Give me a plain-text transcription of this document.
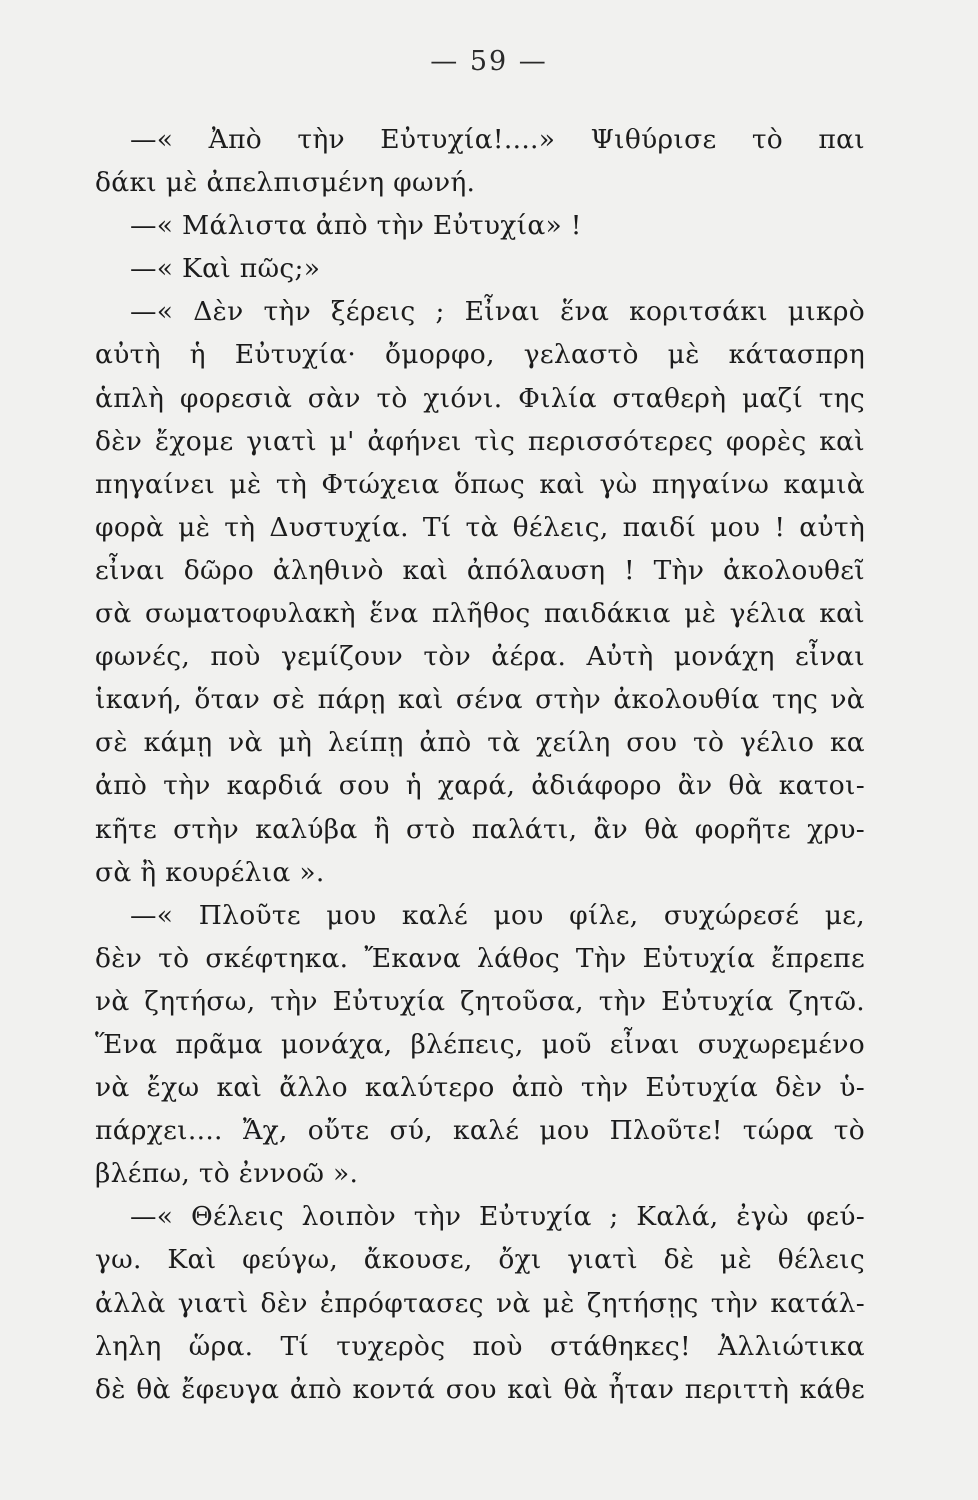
— 59 —
—« Ἀπὸ τὴν Εὐτυχία!....» Ψιθύρισε τὸ παι
δάκι μὲ ἀπελπισμένη φωνή.
—« Μάλιστα ἀπὸ τὴν Εὐτυχία» !
—« Καὶ πῶς;»
—« Δὲν τὴν ξέρεις ; Εἶναι ἕνα κοριτσάκι μικρὸ
αὐτὴ ἡ Εὐτυχία· ὄμορφο, γελαστὸ μὲ κάτασπρη
ἁπλὴ φορεσιὰ σὰν τὸ χιόνι. Φιλία σταθερὴ μαζί της
δὲν ἔχομε γιατὶ μ' ἀφήνει τὶς περισσότερες φορὲς καὶ
πηγαίνει μὲ τὴ Φτώχεια ὅπως καὶ γὼ πηγαίνω καμιὰ
φορὰ μὲ τὴ Δυστυχία. Τί τὰ θέλεις, παιδί μου ! αὐτὴ
εἶναι δῶρο ἀληθινὸ καὶ ἀπόλαυση ! Τὴν ἀκολουθεῖ
σὰ σωματοφυλακὴ ἕνα πλῆθος παιδάκια μὲ γέλια καὶ
φωνές, ποὺ γεμίζουν τὸν ἀέρα. Αὐτὴ μονάχη εἶναι
ἱκανή, ὅταν σὲ πάρῃ καὶ σένα στὴν ἀκολουθία της νὰ
σὲ κάμῃ νὰ μὴ λείπῃ ἀπὸ τὰ χείλη σου τὸ γέλιο κα
ἀπὸ τὴν καρδιά σου ἡ χαρά, ἀδιάφορο ἂν θὰ κατοι-
κῆτε στὴν καλύβα ἢ στὸ παλάτι, ἂν θὰ φορῆτε χρυ-
σὰ ἢ κουρέλια ».
—« Πλοῦτε μου καλέ μου φίλε, συχώρεσέ με,
δὲν τὸ σκέφτηκα. Ἔκανα λάθος Τὴν Εὐτυχία ἔπρεπε
νὰ ζητήσω, τὴν Εὐτυχία ζητοῦσα, τὴν Εὐτυχία ζητῶ.
Ἕνα πρᾶμα μονάχα, βλέπεις, μοῦ εἶναι συχωρεμένο
νὰ ἔχω καὶ ἄλλο καλύτερο ἀπὸ τὴν Εὐτυχία δὲν ὑ-
πάρχει.... Ἄχ, οὔτε σύ, καλέ μου Πλοῦτε! τώρα τὸ
βλέπω, τὸ ἐννοῶ ».
—« Θέλεις λοιπὸν τὴν Εὐτυχία ; Καλά, ἐγὼ φεύ-
γω. Καὶ φεύγω, ἄκουσε, ὄχι γιατὶ δὲ μὲ θέλεις
ἀλλὰ γιατὶ δὲν ἐπρόφτασες νὰ μὲ ζητήσῃς τὴν κατάλ-
ληλη ὥρα. Τί τυχερὸς ποὺ στάθηκες! Ἀλλιώτικα
δὲ θὰ ἔφευγα ἀπὸ κοντά σου καὶ θὰ ἦταν περιττὴ κάθε
